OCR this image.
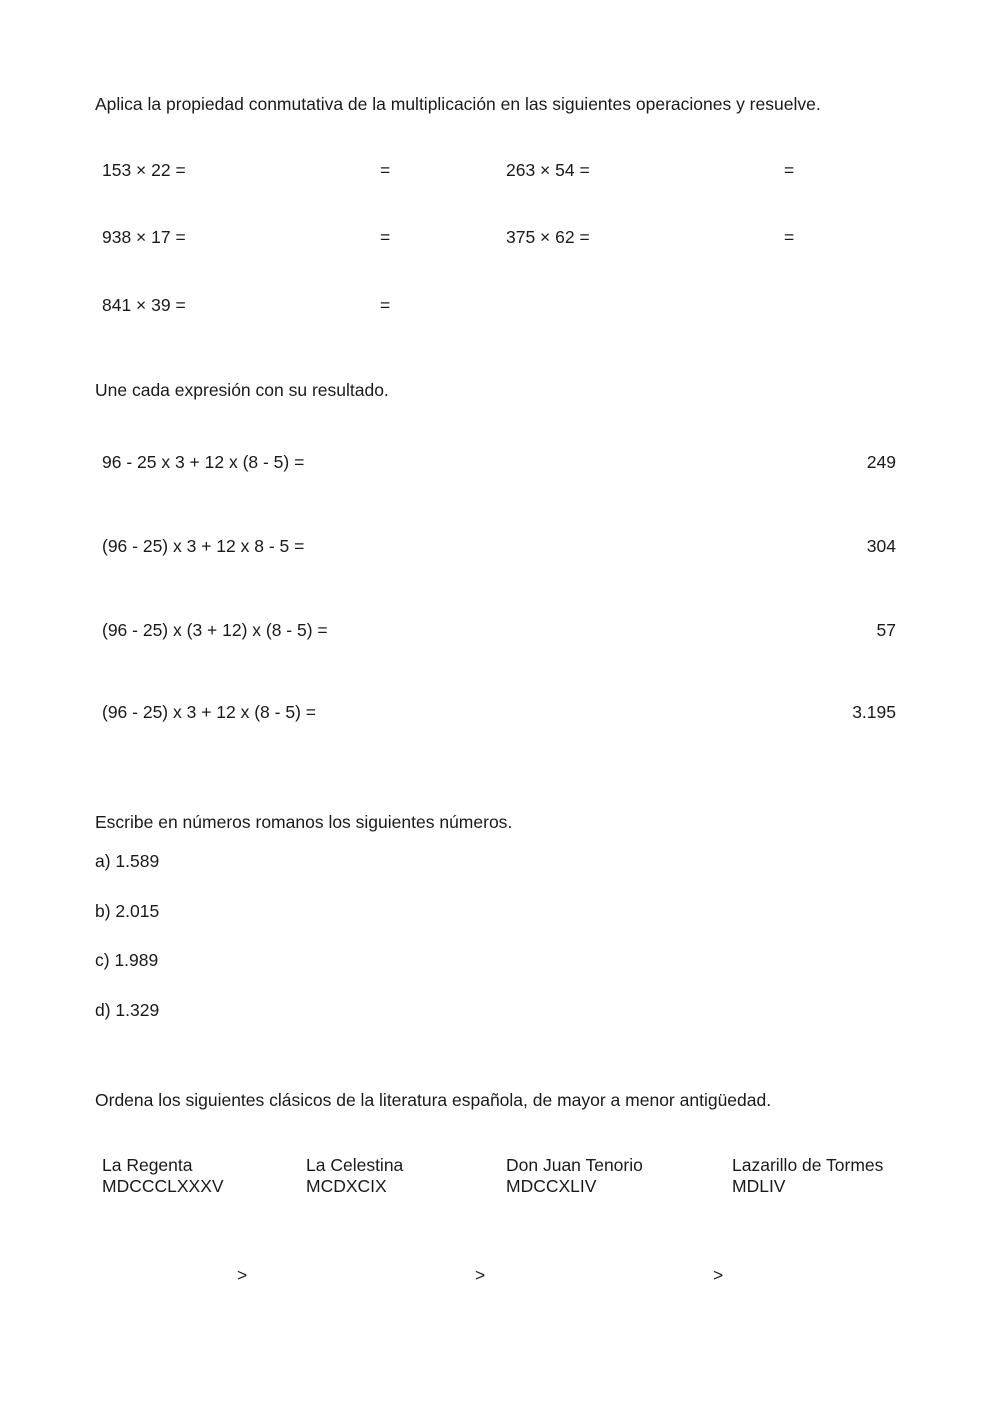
Aplica la propiedad conmutativa de la multiplicación en las siguientes operaciones y resuelve.
153 × 22 =	=	263 × 54 =	=
938 × 17 =	=	375 × 62 =	=
841 × 39 =	=
Une cada expresión con su resultado.
96 - 25 x 3 + 12 x (8 - 5) =	249
(96 - 25) x 3 + 12 x 8 - 5 =	304
(96 - 25) x (3 + 12) x (8 - 5) =	57
(96 - 25) x 3 + 12 x (8 - 5) =	3.195
Escribe en números romanos los siguientes números.
a) 1.589
b) 2.015
c) 1.989
d) 1.329
Ordena los siguientes clásicos de la literatura española, de mayor a menor antigüedad.
La Regenta
MDCCCLXXXV
La Celestina
MCDXCIX
Don Juan Tenorio
MDCCXLIV
Lazarillo de Tormes
MDLIV
>	>	>
